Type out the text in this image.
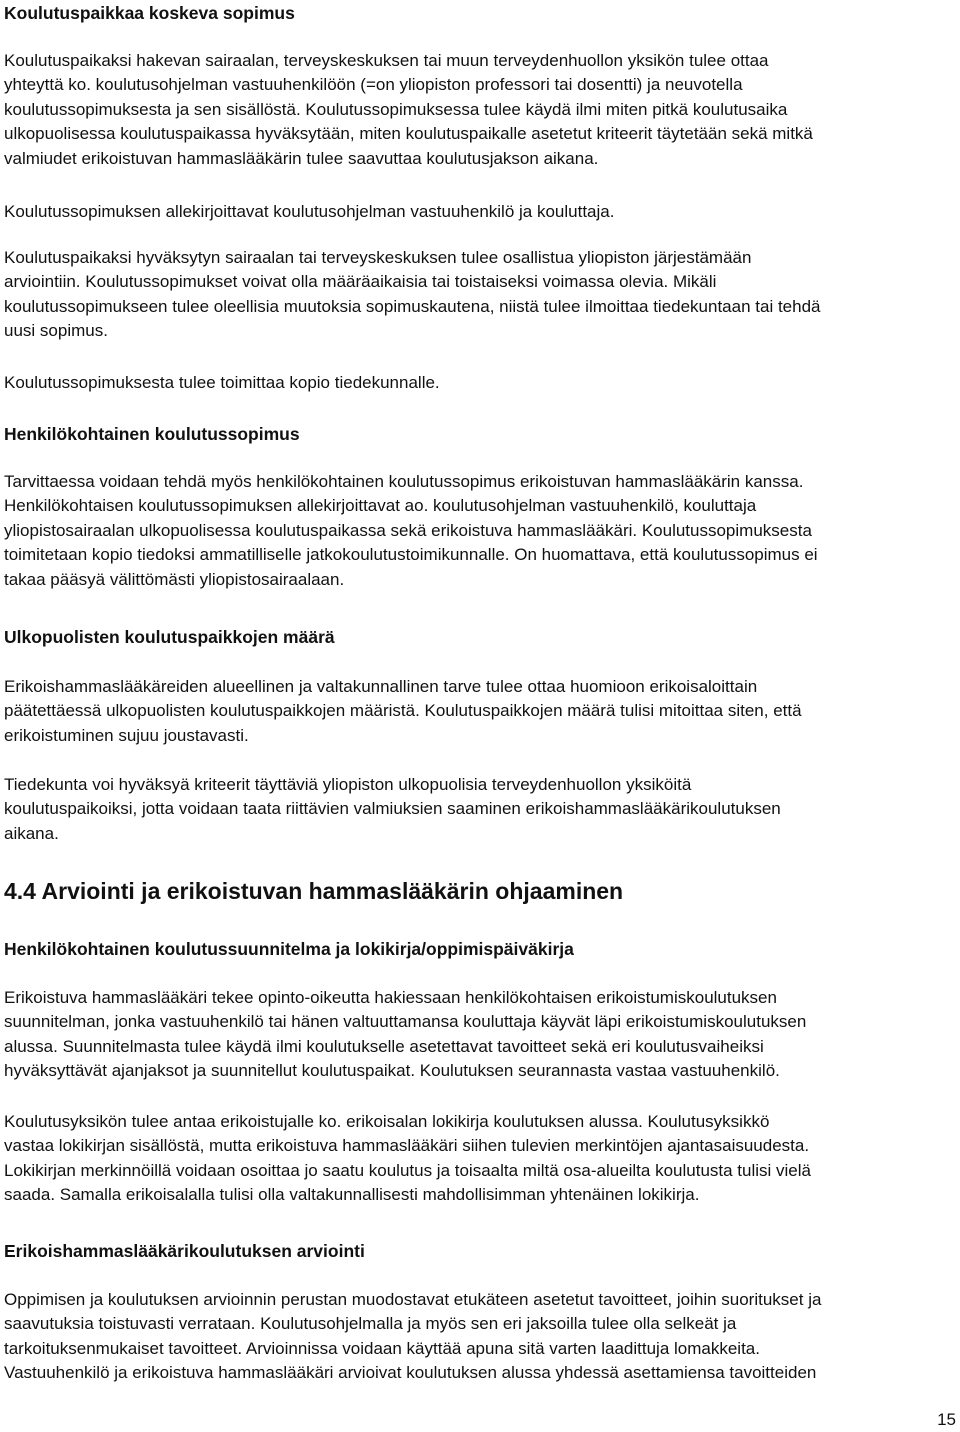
Koulutuspaikkaa koskeva sopimus

Koulutuspaikaksi hakevan sairaalan, terveyskeskuksen tai muun terveydenhuollon yksikön tulee ottaa
yhteyttä ko. koulutusohjelman vastuuhenkilöön (=on yliopiston professori tai dosentti) ja neuvotella
koulutussopimuksesta ja sen sisällöstä. Koulutussopimuksessa tulee käydä ilmi miten pitkä koulutusaika
ulkopuolisessa koulutuspaikassa hyväksytään, miten koulutuspaikalle asetetut kriteerit täytetään sekä mitkä
valmiudet erikoistuvan hammaslääkärin tulee saavuttaa koulutusjakson aikana.

Koulutussopimuksen allekirjoittavat koulutusohjelman vastuuhenkilö ja kouluttaja.

Koulutuspaikaksi hyväksytyn sairaalan tai terveyskeskuksen tulee osallistua yliopiston järjestämään
arviointiin. Koulutussopimukset voivat olla määräaikaisia tai toistaiseksi voimassa olevia. Mikäli
koulutussopimukseen tulee oleellisia muutoksia sopimuskautena, niistä tulee ilmoittaa tiedekuntaan tai tehdä
uusi sopimus.

Koulutussopimuksesta tulee toimittaa kopio tiedekunnalle.

Henkilökohtainen koulutussopimus

Tarvittaessa voidaan tehdä myös henkilökohtainen koulutussopimus erikoistuvan hammaslääkärin kanssa.
Henkilökohtaisen koulutussopimuksen allekirjoittavat ao. koulutusohjelman vastuuhenkilö, kouluttaja
yliopistosairaalan ulkopuolisessa koulutuspaikassa sekä erikoistuva hammaslääkäri. Koulutussopimuksesta
toimitetaan kopio tiedoksi ammatilliselle jatkokoulutustoimikunnalle. On huomattava, että koulutussopimus ei
takaa pääsyä välittömästi yliopistosairaalaan.

Ulkopuolisten koulutuspaikkojen määrä

Erikoishammaslääkäreiden alueellinen ja valtakunnallinen tarve tulee ottaa huomioon erikoisaloittain
päätettäessä ulkopuolisten koulutuspaikkojen määristä. Koulutuspaikkojen määrä tulisi mitoittaa siten, että
erikoistuminen sujuu joustavasti.

Tiedekunta voi hyväksyä kriteerit täyttäviä yliopiston ulkopuolisia terveydenhuollon yksiköitä
koulutuspaikoiksi, jotta voidaan taata riittävien valmiuksien saaminen erikoishammaslääkärikoulutuksen
aikana.

4.4 Arviointi ja erikoistuvan hammaslääkärin ohjaaminen
Henkilökohtainen koulutussuunnitelma ja lokikirja/oppimispäiväkirja

Erikoistuva hammaslääkäri tekee opinto-oikeutta hakiessaan henkilökohtaisen erikoistumiskoulutuksen
suunnitelman, jonka vastuuhenkilö tai hänen valtuuttamansa kouluttaja käyvät läpi erikoistumiskoulutuksen
alussa. Suunnitelmasta tulee käydä ilmi koulutukselle asetettavat tavoitteet sekä eri koulutusvaiheiksi
hyväksyttävät ajanjaksot ja suunnitellut koulutuspaikat. Koulutuksen seurannasta vastaa vastuuhenkilö.

Koulutusyksikön tulee antaa erikoistujalle ko. erikoisalan lokikirja koulutuksen alussa. Koulutusyksikkö
vastaa lokikirjan sisällöstä, mutta erikoistuva hammaslääkäri siihen tulevien merkintöjen ajantasaisuudesta.
Lokikirjan merkinnöillä voidaan osoittaa jo saatu koulutus ja toisaalta miltä osa-alueilta koulutusta tulisi vielä
saada. Samalla erikoisalalla tulisi olla valtakunnallisesti mahdollisimman yhtenäinen lokikirja.

Erikoishammaslääkärikoulutuksen arviointi

Oppimisen ja koulutuksen arvioinnin perustan muodostavat etukäteen asetetut tavoitteet, joihin suoritukset ja
saavutuksia toistuvasti verrataan. Koulutusohjelmalla ja myös sen eri jaksoilla tulee olla selkeät ja
tarkoituksenmukaiset tavoitteet. Arvioinnissa voidaan käyttää apuna sitä varten laadittuja lomakkeita.
Vastuuhenkilö ja erikoistuva hammaslääkäri arvioivat koulutuksen alussa yhdessä asettamiensa tavoitteiden

15
